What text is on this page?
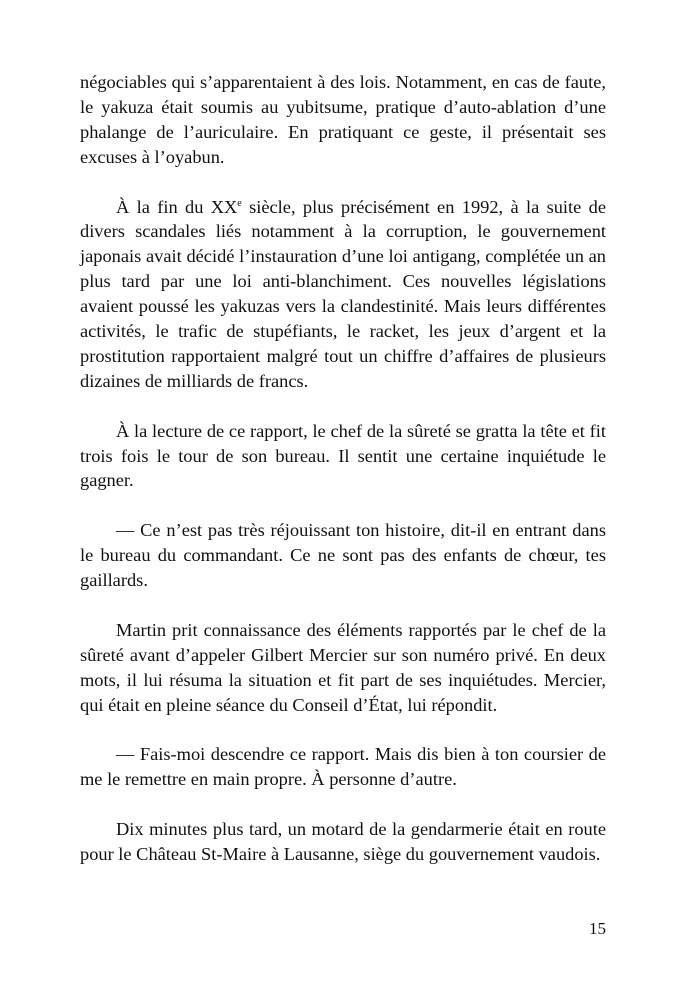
négociables qui s’apparentaient à des lois. Notamment, en cas de faute, le yakuza était soumis au yubitsume, pratique d’auto-ablation d’une phalange de l’auriculaire. En pratiquant ce geste, il présentait ses excuses à l’oyabun.

À la fin du XXe siècle, plus précisément en 1992, à la suite de divers scandales liés notamment à la corruption, le gouvernement japonais avait décidé l’instauration d’une loi antigang, complétée un an plus tard par une loi anti-blanchiment. Ces nouvelles législations avaient poussé les yakuzas vers la clandestinité. Mais leurs différentes activités, le trafic de stupéfiants, le racket, les jeux d’argent et la prostitution rapportaient malgré tout un chiffre d’affaires de plusieurs dizaines de milliards de francs.

À la lecture de ce rapport, le chef de la sûreté se gratta la tête et fit trois fois le tour de son bureau. Il sentit une certaine inquiétude le gagner.

— Ce n’est pas très réjouissant ton histoire, dit-il en entrant dans le bureau du commandant. Ce ne sont pas des enfants de chœur, tes gaillards.

Martin prit connaissance des éléments rapportés par le chef de la sûreté avant d’appeler Gilbert Mercier sur son numéro privé. En deux mots, il lui résuma la situation et fit part de ses inquiétudes. Mercier, qui était en pleine séance du Conseil d’État, lui répondit.

— Fais-moi descendre ce rapport. Mais dis bien à ton coursier de me le remettre en main propre. À personne d’autre.

Dix minutes plus tard, un motard de la gendarmerie était en route pour le Château St-Maire à Lausanne, siège du gouvernement vaudois.

15
